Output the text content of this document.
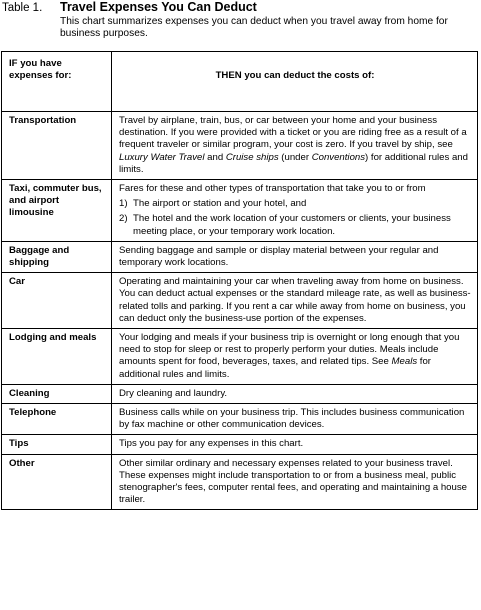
Table 1.	Travel Expenses You Can Deduct
This chart summarizes expenses you can deduct when you travel away from home for business purposes.
IF you have
expenses for:	THEN you can deduct the costs of:
Transportation	Travel by airplane, train, bus, or car between your home and your business destination. If you were provided with a ticket or you are riding free as a result of a frequent traveler or similar program, your cost is zero. If you travel by ship, see Luxury Water Travel and Cruise ships (under Conventions) for additional rules and limits.
Taxi, commuter bus, and airport limousine	Fares for these and other types of transportation that take you to or from
1) The airport or station and your hotel, and
2) The hotel and the work location of your customers or clients, your business meeting place, or your temporary work location.

Baggage and shipping	Sending baggage and sample or display material between your regular and temporary work locations.
Car	Operating and maintaining your car when traveling away from home on business. You can deduct actual expenses or the standard mileage rate, as well as business-related tolls and parking. If you rent a car while away from home on business, you can deduct only the business-use portion of the expenses.
Lodging and meals	Your lodging and meals if your business trip is overnight or long enough that you need to stop for sleep or rest to properly perform your duties. Meals include amounts spent for food, beverages, taxes, and related tips. See Meals for additional rules and limits.
Cleaning	Dry cleaning and laundry.
Telephone	Business calls while on your business trip. This includes business communication by fax machine or other communication devices.
Tips	Tips you pay for any expenses in this chart.
Other	Other similar ordinary and necessary expenses related to your business travel. These expenses might include transportation to or from a business meal, public stenographer's fees, computer rental fees, and operating and maintaining a house trailer.
